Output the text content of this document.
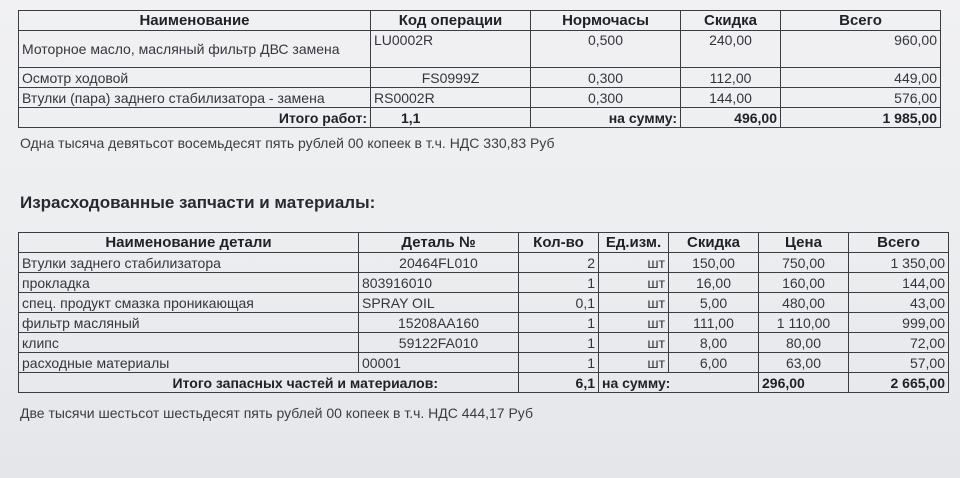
Наименование	Код операции	Нормочасы	Скидка	Всего
Моторное масло, масляный фильтр ДВС замена	LU0002R	0,500	240,00	960,00
Осмотр ходовой	FS0999Z	0,300	112,00	449,00
Втулки (пара) заднего стабилизатора - замена	RS0002R	0,300	144,00	576,00
Итого работ:	1,1	на сумму:	496,00	1 985,00
Одна тысяча девятьсот восемьдесят пять рублей 00 копеек в т.ч. НДС 330,83 Руб
Израсходованные запчасти и материалы:
Наименование детали	Деталь №	Кол-во	Ед.изм.	Скидка	Цена	Всего
Втулки заднего стабилизатора	20464FL010	2	шт	150,00	750,00	1 350,00
прокладка	803916010	1	шт	16,00	160,00	144,00
спец. продукт смазка проникающая	SPRAY OIL	0,1	шт	5,00	480,00	43,00
фильтр масляный	15208AA160	1	шт	111,00	1 110,00	999,00
клипс	59122FA010	1	шт	8,00	80,00	72,00
расходные материалы	00001	1	шт	6,00	63,00	57,00
Итого запасных частей и материалов:		6,1	на сумму:		296,00	2 665,00
Две тысячи шестьсот шестьдесят пять рублей 00 копеек в т.ч. НДС 444,17 Руб
